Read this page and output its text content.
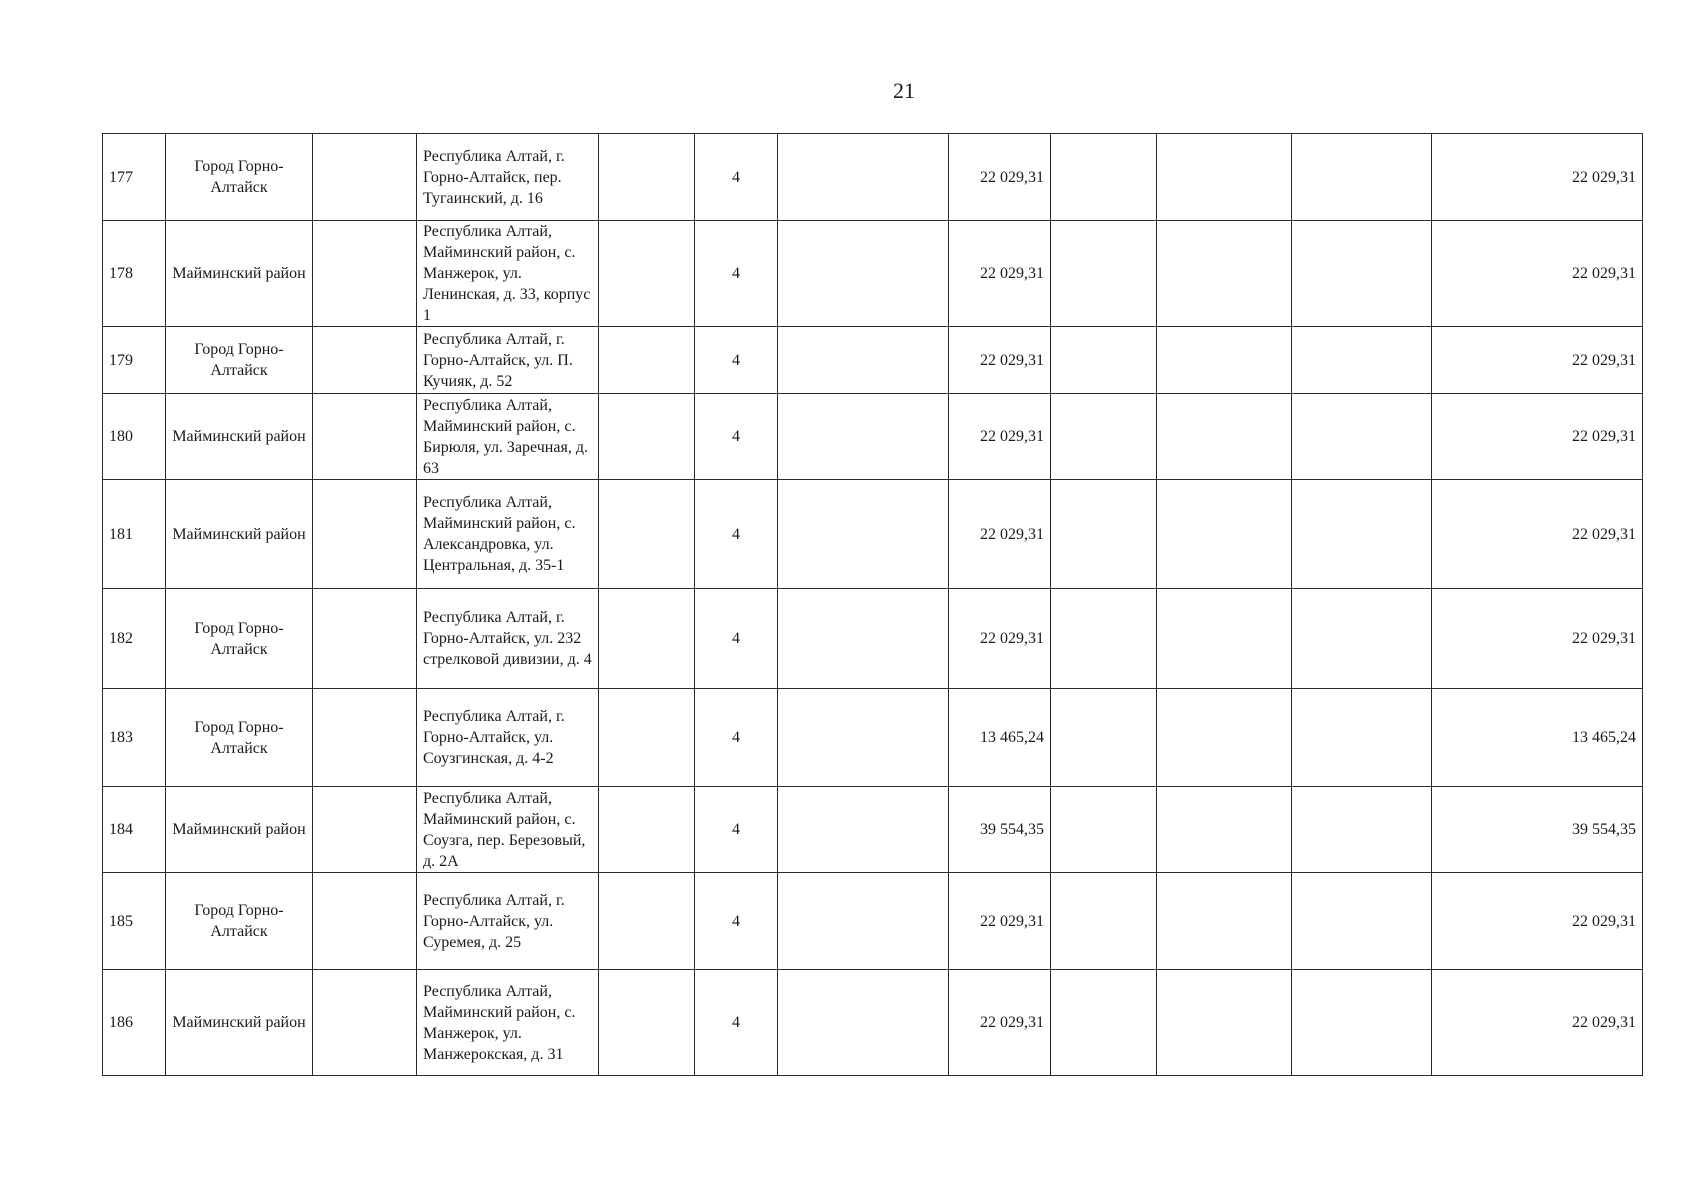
21
177	Город Горно-Алтайск		Республика Алтай, г. Горно-Алтайск, пер. Тугаинский, д. 16		4		22 029,31				22 029,31
178	Майминский район		Республика Алтай, Майминский район, с. Манжерок, ул. Ленинская, д. 33, корпус 1		4		22 029,31				22 029,31
179	Город Горно-Алтайск		Республика Алтай, г. Горно-Алтайск, ул. П. Кучияк, д. 52		4		22 029,31				22 029,31
180	Майминский район		Республика Алтай, Майминский район, с. Бирюля, ул. Заречная, д. 63		4		22 029,31				22 029,31
181	Майминский район		Республика Алтай, Майминский район, с. Александровка, ул. Центральная, д. 35-1		4		22 029,31				22 029,31
182	Город Горно-Алтайск		Республика Алтай, г. Горно-Алтайск, ул. 232 стрелковой дивизии, д. 4		4		22 029,31				22 029,31
183	Город Горно-Алтайск		Республика Алтай, г. Горно-Алтайск, ул. Соузгинская, д. 4-2		4		13 465,24				13 465,24
184	Майминский район		Республика Алтай, Майминский район, с. Соузга, пер. Березовый, д. 2А		4		39 554,35				39 554,35
185	Город Горно-Алтайск		Республика Алтай, г. Горно-Алтайск, ул. Суремея, д. 25		4		22 029,31				22 029,31
186	Майминский район		Республика Алтай, Майминский район, с. Манжерок, ул. Манжерокская, д. 31		4		22 029,31				22 029,31
